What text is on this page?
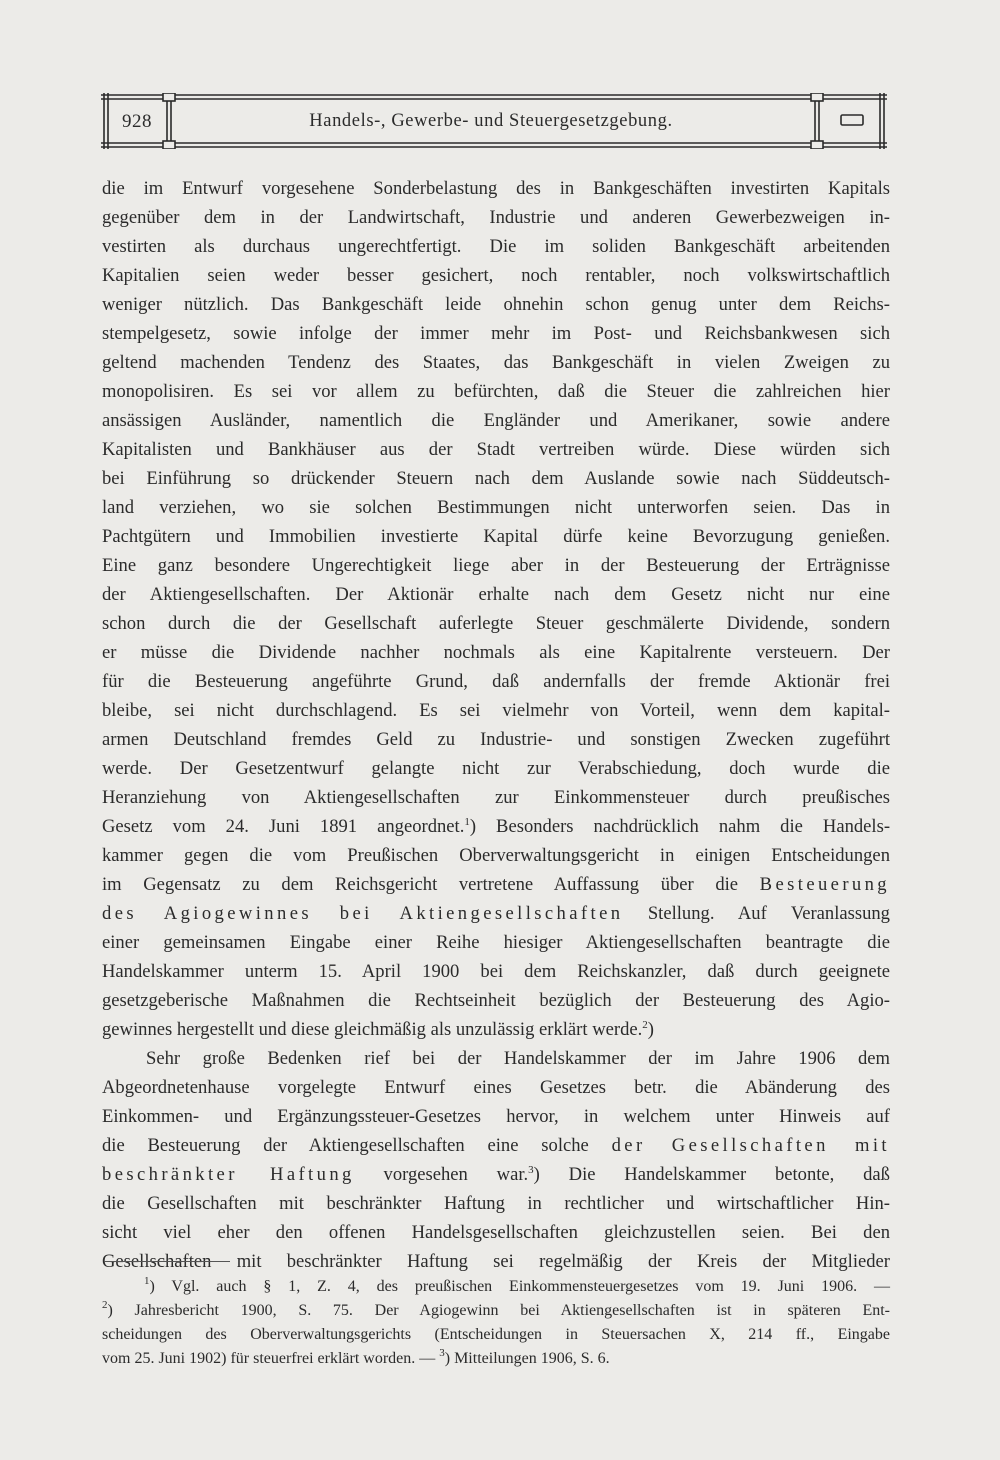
928	Handels-, Gewerbe- und Steuergesetzgebung.
die im Entwurf vorgesehene Sonderbelastung des in Bankgeschäften investirten Kapitals
gegenüber dem in der Landwirtschaft, Industrie und anderen Gewerbezweigen in-
vestirten als durchaus ungerechtfertigt. Die im soliden Bankgeschäft arbeitenden
Kapitalien seien weder besser gesichert, noch rentabler, noch volkswirtschaftlich
weniger nützlich. Das Bankgeschäft leide ohnehin schon genug unter dem Reichs-
stempelgesetz, sowie infolge der immer mehr im Post- und Reichsbankwesen sich
geltend machenden Tendenz des Staates, das Bankgeschäft in vielen Zweigen zu
monopolisiren. Es sei vor allem zu befürchten, daß die Steuer die zahlreichen hier
ansässigen Ausländer, namentlich die Engländer und Amerikaner, sowie andere
Kapitalisten und Bankhäuser aus der Stadt vertreiben würde. Diese würden sich
bei Einführung so drückender Steuern nach dem Auslande sowie nach Süddeutsch-
land verziehen, wo sie solchen Bestimmungen nicht unterworfen seien. Das in
Pachtgütern und Immobilien investierte Kapital dürfe keine Bevorzugung genießen.
Eine ganz besondere Ungerechtigkeit liege aber in der Besteuerung der Erträgnisse
der Aktiengesellschaften. Der Aktionär erhalte nach dem Gesetz nicht nur eine
schon durch die der Gesellschaft auferlegte Steuer geschmälerte Dividende, sondern
er müsse die Dividende nachher nochmals als eine Kapitalrente versteuern. Der
für die Besteuerung angeführte Grund, daß andernfalls der fremde Aktionär frei
bleibe, sei nicht durchschlagend. Es sei vielmehr von Vorteil, wenn dem kapital-
armen Deutschland fremdes Geld zu Industrie- und sonstigen Zwecken zugeführt
werde. Der Gesetzentwurf gelangte nicht zur Verabschiedung, doch wurde die
Heranziehung von Aktiengesellschaften zur Einkommensteuer durch preußisches
Gesetz vom 24. Juni 1891 angeordnet.$^1$) Besonders nachdrücklich nahm die Handels-
kammer gegen die vom Preußischen Oberverwaltungsgericht in einigen Entscheidungen
im Gegensatz zu dem Reichsgericht vertretene Auffassung über die Besteuerung
des Agiogewinnes bei Aktiengesellschaften Stellung. Auf Veranlassung
einer gemeinsamen Eingabe einer Reihe hiesiger Aktiengesellschaften beantragte die
Handelskammer unterm 15. April 1900 bei dem Reichskanzler, daß durch geeignete
gesetzgeberische Maßnahmen die Rechtseinheit bezüglich der Besteuerung des Agio-
gewinnes hergestellt und diese gleichmäßig als unzulässig erklärt werde.$^2$)
Sehr große Bedenken rief bei der Handelskammer der im Jahre 1906 dem
Abgeordnetenhause vorgelegte Entwurf eines Gesetzes betr. die Abänderung des
Einkommen- und Ergänzungssteuer-Gesetzes hervor, in welchem unter Hinweis auf
die Besteuerung der Aktiengesellschaften eine solche der Gesellschaften mit
beschränkter Haftung vorgesehen war.$^3$) Die Handelskammer betonte, daß
die Gesellschaften mit beschränkter Haftung in rechtlicher und wirtschaftlicher Hin-
sicht viel eher den offenen Handelsgesellschaften gleichzustellen seien. Bei den
Gesellschaften mit beschränkter Haftung sei regelmäßig der Kreis der Mitglieder
$^1$) Vgl. auch § 1, Z. 4, des preußischen Einkommensteuergesetzes vom 19. Juni 1906. —
$^2$) Jahresbericht 1900, S. 75. Der Agiogewinn bei Aktiengesellschaften ist in späteren Ent-
scheidungen des Oberverwaltungsgerichts (Entscheidungen in Steuersachen X, 214 ff., Eingabe
vom 25. Juni 1902) für steuerfrei erklärt worden. — $^3$) Mitteilungen 1906, S. 6.
